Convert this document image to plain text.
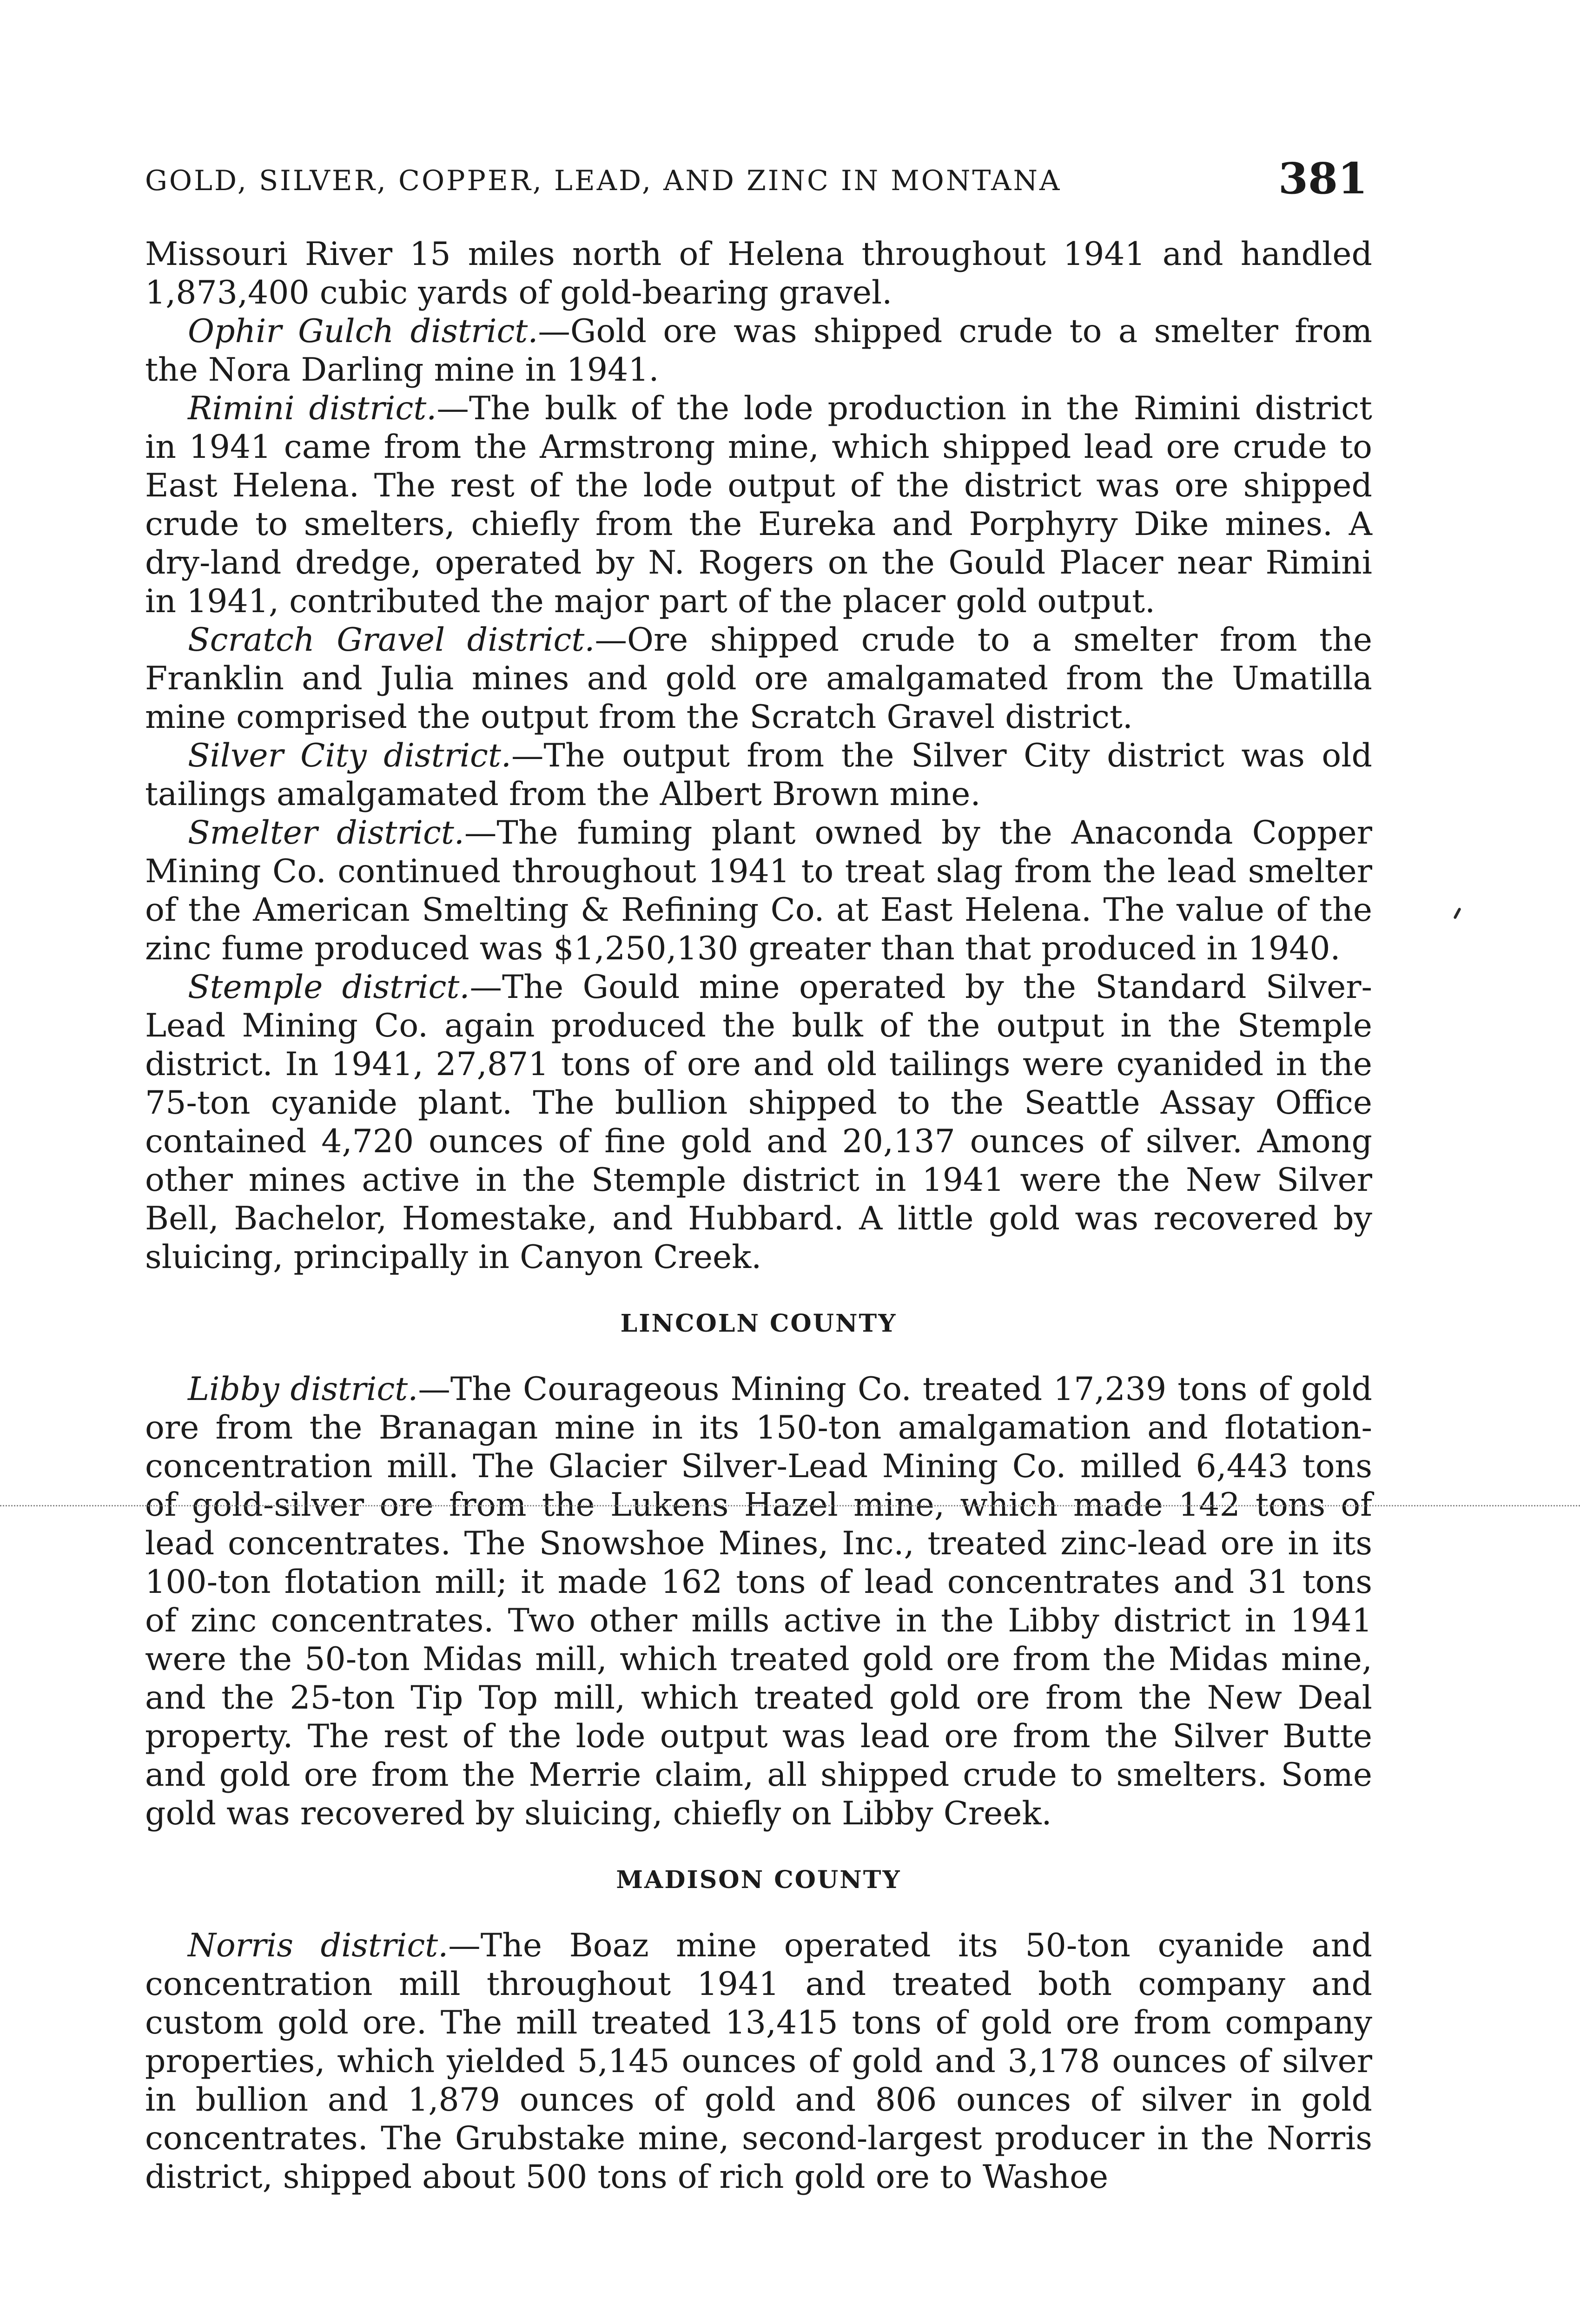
GOLD, SILVER, COPPER, LEAD, AND ZINC IN MONTANA	381

Missouri River 15 miles north of Helena throughout 1941 and handled 1,873,400 cubic yards of gold-bearing gravel.

Ophir Gulch district.—Gold ore was shipped crude to a smelter from the Nora Darling mine in 1941.

Rimini district.—The bulk of the lode production in the Rimini district in 1941 came from the Armstrong mine, which shipped lead ore crude to East Helena. The rest of the lode output of the district was ore shipped crude to smelters, chiefly from the Eureka and Porphyry Dike mines. A dry-land dredge, operated by N. Rogers on the Gould Placer near Rimini in 1941, contributed the major part of the placer gold output.

Scratch Gravel district.—Ore shipped crude to a smelter from the Franklin and Julia mines and gold ore amalgamated from the Umatilla mine comprised the output from the Scratch Gravel district.

Silver City district.—The output from the Silver City district was old tailings amalgamated from the Albert Brown mine.

Smelter district.—The fuming plant owned by the Anaconda Copper Mining Co. continued throughout 1941 to treat slag from the lead smelter of the American Smelting & Refining Co. at East Helena. The value of the zinc fume produced was $1,250,130 greater than that produced in 1940.

Stemple district.—The Gould mine operated by the Standard Silver-Lead Mining Co. again produced the bulk of the output in the Stemple district. In 1941, 27,871 tons of ore and old tailings were cyanided in the 75-ton cyanide plant. The bullion shipped to the Seattle Assay Office contained 4,720 ounces of fine gold and 20,137 ounces of silver. Among other mines active in the Stemple district in 1941 were the New Silver Bell, Bachelor, Homestake, and Hubbard. A little gold was recovered by sluicing, principally in Canyon Creek.

LINCOLN COUNTY

Libby district.—The Courageous Mining Co. treated 17,239 tons of gold ore from the Branagan mine in its 150-ton amalgamation and flotation-concentration mill. The Glacier Silver-Lead Mining Co. milled 6,443 tons of gold-silver ore from the Lukens Hazel mine, which made 142 tons of lead concentrates. The Snowshoe Mines, Inc., treated zinc-lead ore in its 100-ton flotation mill; it made 162 tons of lead concentrates and 31 tons of zinc concentrates. Two other mills active in the Libby district in 1941 were the 50-ton Midas mill, which treated gold ore from the Midas mine, and the 25-ton Tip Top mill, which treated gold ore from the New Deal property. The rest of the lode output was lead ore from the Silver Butte and gold ore from the Merrie claim, all shipped crude to smelters. Some gold was recovered by sluicing, chiefly on Libby Creek.

MADISON COUNTY

Norris district.—The Boaz mine operated its 50-ton cyanide and concentration mill throughout 1941 and treated both company and custom gold ore. The mill treated 13,415 tons of gold ore from company properties, which yielded 5,145 ounces of gold and 3,178 ounces of silver in bullion and 1,879 ounces of gold and 806 ounces of silver in gold concentrates. The Grubstake mine, second-largest producer in the Norris district, shipped about 500 tons of rich gold ore to Washoe
